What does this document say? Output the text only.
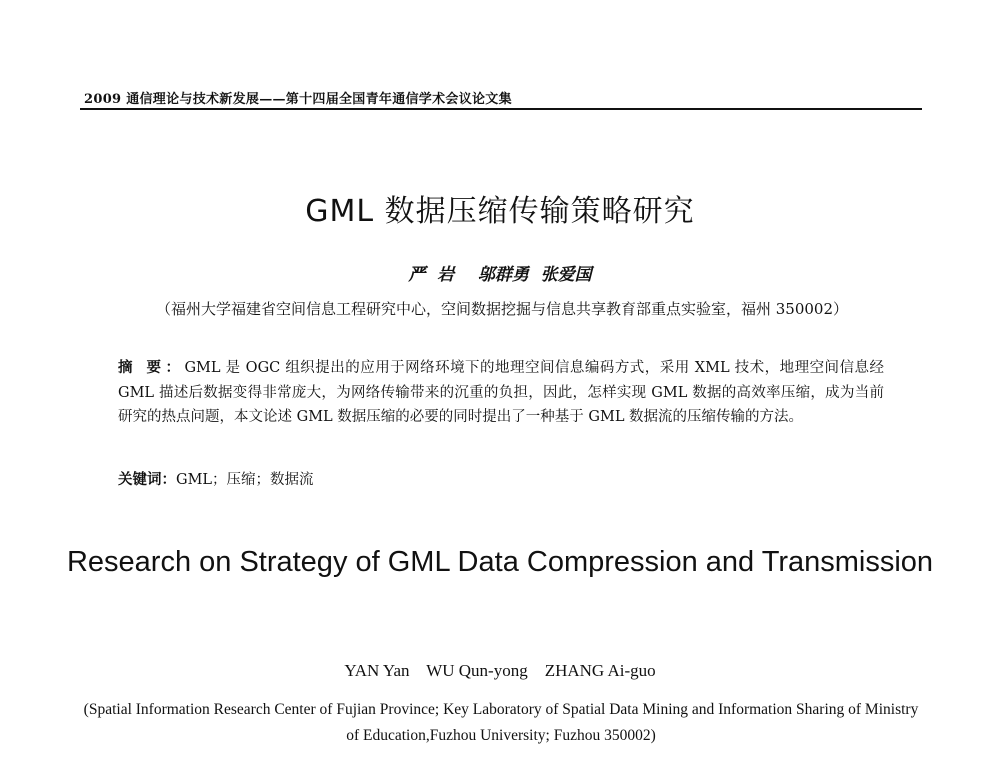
2009 通信理论与技术新发展——第十四届全国青年通信学术会议论文集
GML 数据压缩传输策略研究
严  岩    邬群勇  张爱国
（福州大学福建省空间信息工程研究中心，空间数据挖掘与信息共享教育部重点实验室，福州 350002）
摘 要：GML 是 OGC 组织提出的应用于网络环境下的地理空间信息编码方式，采用 XML 技术，地理空间信息经 GML 描述后数据变得非常庞大，为网络传输带来的沉重的负担，因此，怎样实现 GML 数据的高效率压缩，成为当前研究的热点问题，本文论述 GML 数据压缩的必要的同时提出了一种基于 GML 数据流的压缩传输的方法。
关键词：GML；压缩；数据流
Research on Strategy of GML Data Compression and Transmission
YAN Yan    WU Qun-yong    ZHANG Ai-guo
(Spatial Information Research Center of Fujian Province; Key Laboratory of Spatial Data Mining and Information Sharing of Ministry of Education,Fuzhou University; Fuzhou 350002)
